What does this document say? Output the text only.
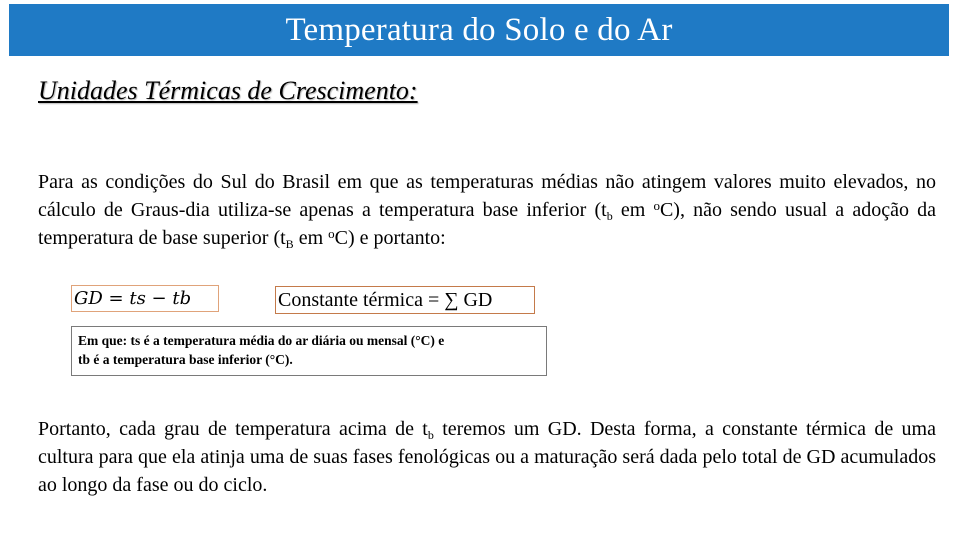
Temperatura do Solo e do Ar
Unidades Térmicas de Crescimento:

Para as condições do Sul do Brasil em que as temperaturas médias não atingem valores muito elevados, no cálculo de Graus-dia utiliza-se apenas a temperatura base inferior ($t_b$ em $^o$C), não sendo usual a adoção da temperatura de base superior ($t_B$ em $^o$C) e portanto:

GD = ts − tb	Constante térmica = ∑ GD
Em que: ts é a temperatura média do ar diária ou mensal (°C) e
tb é a temperatura base inferior (°C).

Portanto, cada grau de temperatura acima de $t_b$ teremos um GD. Desta forma, a constante térmica de uma cultura para que ela atinja uma de suas fases fenológicas ou a maturação será dada pelo total de GD acumulados ao longo da fase ou do ciclo.
